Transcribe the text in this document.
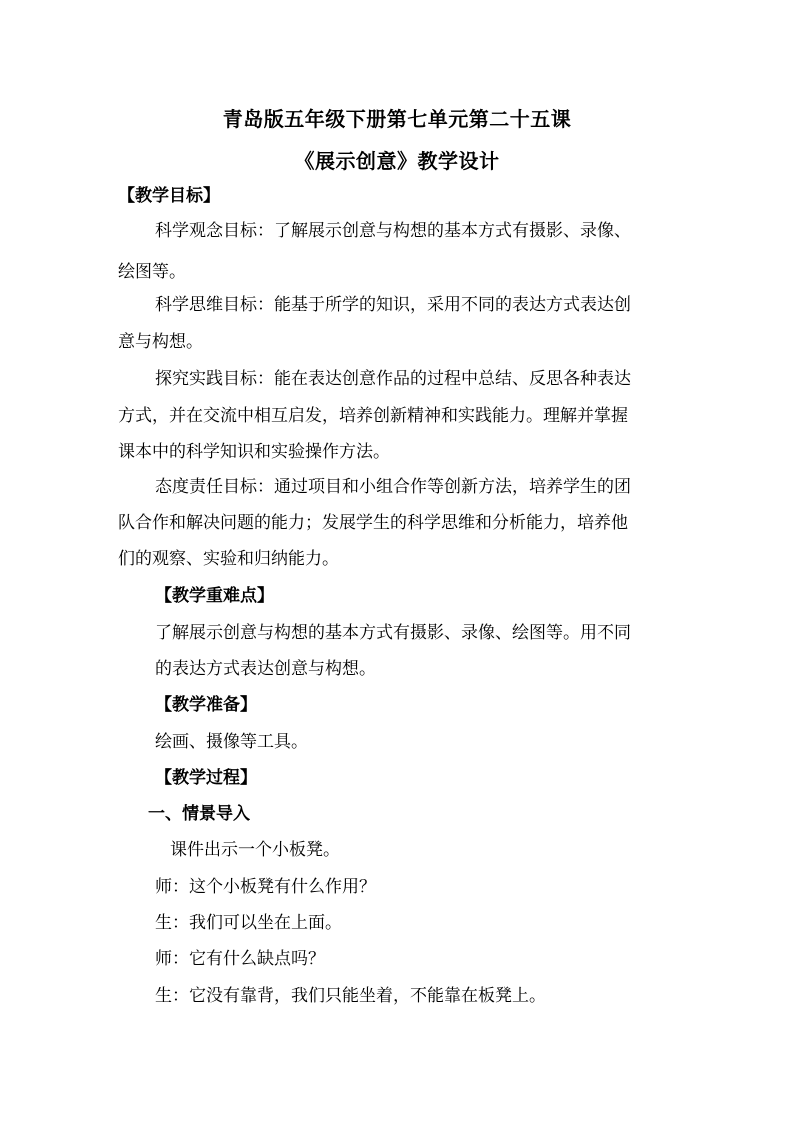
青岛版五年级下册第七单元第二十五课
《展示创意》教学设计
【教学目标】
科学观念目标：了解展示创意与构想的基本方式有摄影、录像、
绘图等。
科学思维目标：能基于所学的知识，采用不同的表达方式表达创
意与构想。
探究实践目标：能在表达创意作品的过程中总结、反思各种表达
方式，并在交流中相互启发，培养创新精神和实践能力。理解并掌握
课本中的科学知识和实验操作方法。
态度责任目标：通过项目和小组合作等创新方法，培养学生的团
队合作和解决问题的能力；发展学生的科学思维和分析能力，培养他
们的观察、实验和归纳能力。
【教学重难点】
了解展示创意与构想的基本方式有摄影、录像、绘图等。用不同
的表达方式表达创意与构想。
【教学准备】
绘画、摄像等工具。
【教学过程】
一、情景导入
课件出示一个小板凳。
师：这个小板凳有什么作用？
生：我们可以坐在上面。
师：它有什么缺点吗？
生：它没有靠背，我们只能坐着，不能靠在板凳上。
